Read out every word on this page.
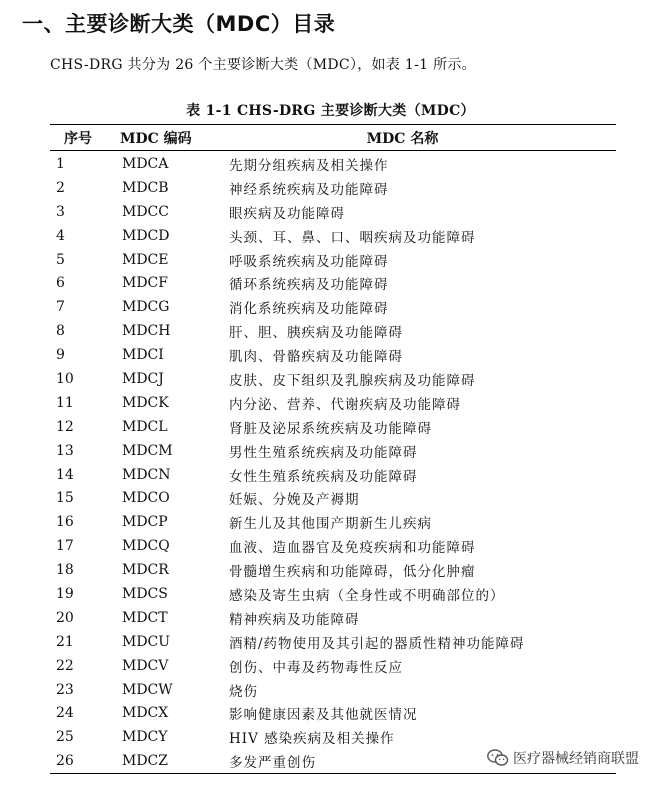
一、主要诊断大类（MDC）目录
CHS-DRG 共分为 26 个主要诊断大类（MDC），如表 1-1 所示。
表 1-1 CHS-DRG 主要诊断大类（MDC）
序号	MDC 编码	MDC 名称
1	MDCA	先期分组疾病及相关操作
2	MDCB	神经系统疾病及功能障碍
3	MDCC	眼疾病及功能障碍
4	MDCD	头颈、耳、鼻、口、咽疾病及功能障碍
5	MDCE	呼吸系统疾病及功能障碍
6	MDCF	循环系统疾病及功能障碍
7	MDCG	消化系统疾病及功能障碍
8	MDCH	肝、胆、胰疾病及功能障碍
9	MDCI	肌肉、骨骼疾病及功能障碍
10	MDCJ	皮肤、皮下组织及乳腺疾病及功能障碍
11	MDCK	内分泌、营养、代谢疾病及功能障碍
12	MDCL	肾脏及泌尿系统疾病及功能障碍
13	MDCM	男性生殖系统疾病及功能障碍
14	MDCN	女性生殖系统疾病及功能障碍
15	MDCO	妊娠、分娩及产褥期
16	MDCP	新生儿及其他围产期新生儿疾病
17	MDCQ	血液、造血器官及免疫疾病和功能障碍
18	MDCR	骨髓增生疾病和功能障碍，低分化肿瘤
19	MDCS	感染及寄生虫病（全身性或不明确部位的）
20	MDCT	精神疾病及功能障碍
21	MDCU	酒精/药物使用及其引起的器质性精神功能障碍
22	MDCV	创伤、中毒及药物毒性反应
23	MDCW	烧伤
24	MDCX	影响健康因素及其他就医情况
25	MDCY	HIV 感染疾病及相关操作
26	MDCZ	多发严重创伤	医疗器械经销商联盟
